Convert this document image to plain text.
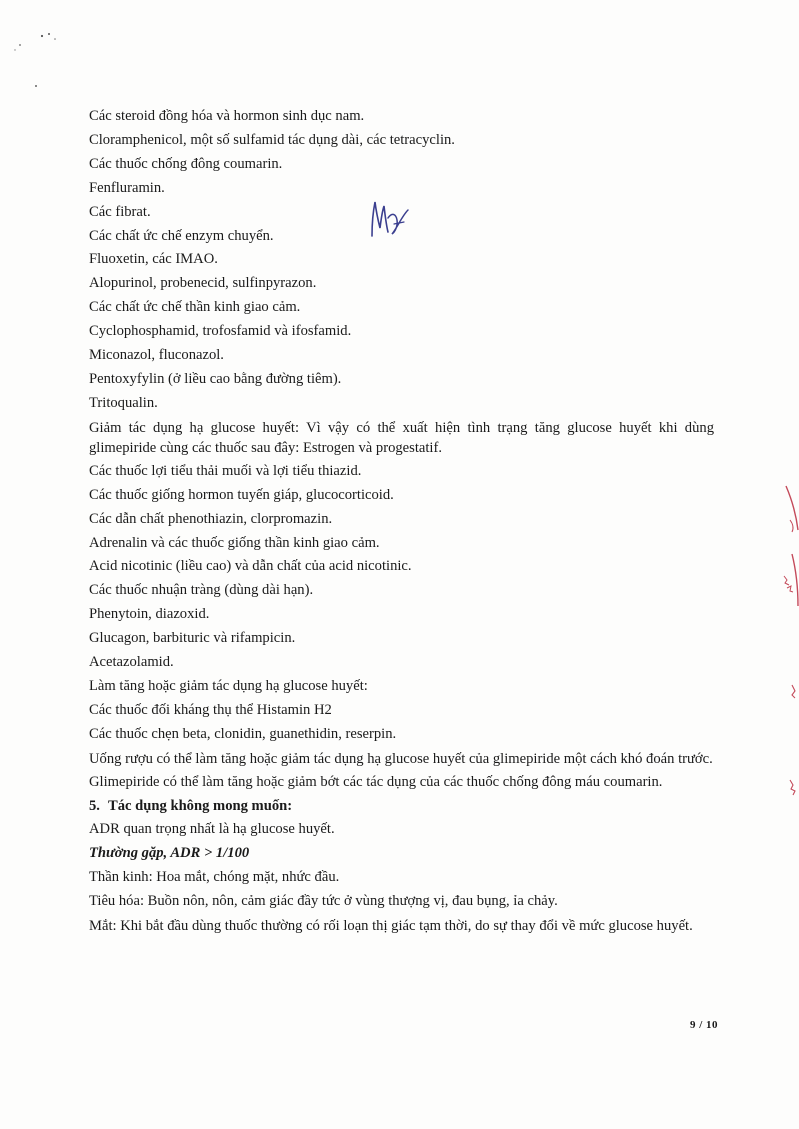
Các steroid đồng hóa và hormon sinh dục nam.

Cloramphenicol, một số sulfamid tác dụng dài, các tetracyclin.

Các thuốc chống đông coumarin.

Fenfluramin.

Các fibrat.

Các chất ức chế enzym chuyển.

Fluoxetin, các IMAO.

Alopurinol, probenecid, sulfinpyrazon.

Các chất ức chế thần kinh giao cảm.

Cyclophosphamid, trofosfamid và ifosfamid.

Miconazol, fluconazol.

Pentoxyfylin (ở liều cao bằng đường tiêm).

Tritoqualin.

Giảm tác dụng hạ glucose huyết: Vì vậy có thể xuất hiện tình trạng tăng glucose huyết khi dùng glimepiride cùng các thuốc sau đây: Estrogen và progestatif.

Các thuốc lợi tiểu thải muối và lợi tiểu thiazid.

Các thuốc giống hormon tuyến giáp, glucocorticoid.

Các dẫn chất phenothiazin, clorpromazin.

Adrenalin và các thuốc giống thần kinh giao cảm.

Acid nicotinic (liều cao) và dẫn chất của acid nicotinic.

Các thuốc nhuận tràng (dùng dài hạn).

Phenytoin, diazoxid.

Glucagon, barbituric và rifampicin.

Acetazolamid.

Làm tăng hoặc giảm tác dụng hạ glucose huyết:

Các thuốc đối kháng thụ thể Histamin H2

Các thuốc chẹn beta, clonidin, guanethidin, reserpin.

Uống rượu có thể làm tăng hoặc giảm tác dụng hạ glucose huyết của glimepiride một cách khó đoán trước.

Glimepiride có thể làm tăng hoặc giảm bớt các tác dụng của các thuốc chống đông máu coumarin.

5. Tác dụng không mong muốn:

ADR quan trọng nhất là hạ glucose huyết.

Thường gặp, ADR > 1/100

Thần kinh: Hoa mắt, chóng mặt, nhức đầu.

Tiêu hóa: Buồn nôn, nôn, cảm giác đầy tức ở vùng thượng vị, đau bụng, ỉa chảy.

Mắt: Khi bắt đầu dùng thuốc thường có rối loạn thị giác tạm thời, do sự thay đổi về mức glucose huyết.

9 / 10
